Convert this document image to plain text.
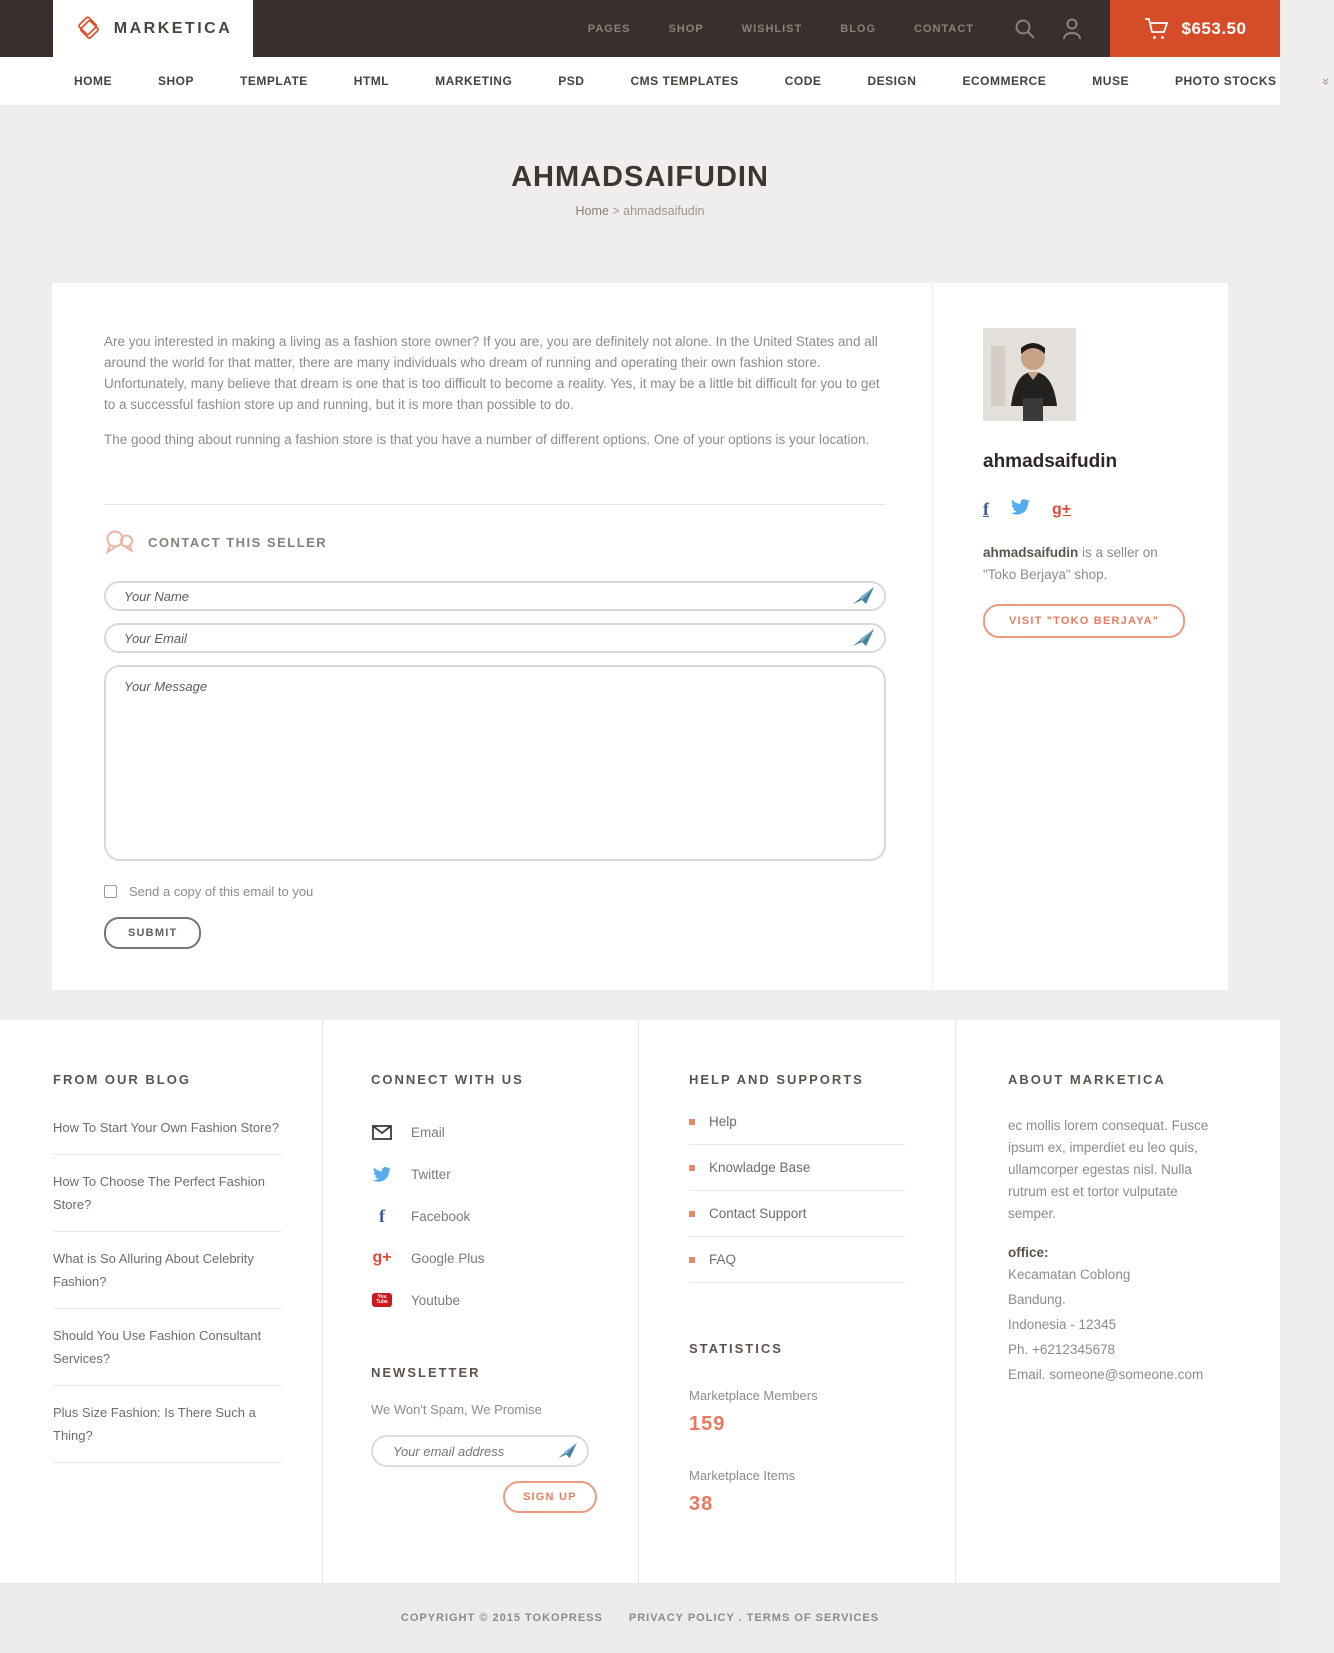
MARKETICA	PAGES	SHOP	WISHLIST	BLOG	CONTACT	$653.50
HOME	SHOP	TEMPLATE	HTML	MARKETING	PSD	CMS TEMPLATES	CODE	DESIGN	ECOMMERCE	MUSE	PHOTO STOCKS	»
AHMADSAIFUDIN
Home > ahmadsaifudin

Are you interested in making a living as a fashion store owner? If you are, you are definitely not alone. In the United States and all around the world for that matter, there are many individuals who dream of running and operating their own fashion store. Unfortunately, many believe that dream is one that is too difficult to become a reality. Yes, it may be a little bit difficult for you to get to a successful fashion store up and running, but it is more than possible to do.

The good thing about running a fashion store is that you have a number of different options. One of your options is your location.

CONTACT THIS SELLER
Your Name
Your Email
Your Message
Send a copy of this email to you
SUBMIT
ahmadsaifudin
f	g+

ahmadsaifudin is a seller on "Toko Berjaya" shop.

VISIT "TOKO BERJAYA"
FROM OUR BLOG
How To Start Your Own Fashion Store?
How To Choose The Perfect Fashion Store?
What is So Alluring About Celebrity Fashion?
Should You Use Fashion Consultant Services?
Plus Size Fashion: Is There Such a Thing?
CONNECT WITH US
Email
Twitter
f	Facebook
g+ Google Plus
You
Tube Youtube
NEWSLETTER
We Won't Spam, We Promise
Your email address
SIGN UP
HELP AND SUPPORTS
Help
Knowladge Base
Contact Support
FAQ
STATISTICS
Marketplace Members
159
Marketplace Items
38
ABOUT MARKETICA

ec mollis lorem consequat. Fusce ipsum ex, imperdiet eu leo quis, ullamcorper egestas nisl. Nulla rutrum est et tortor vulputate semper.

office:
Kecamatan Coblong
Bandung.
Indonesia - 12345
Ph. +6212345678
Email. someone@someone.com
COPYRIGHT © 2015 TOKOPRESS PRIVACY POLICY . TERMS OF SERVICES
